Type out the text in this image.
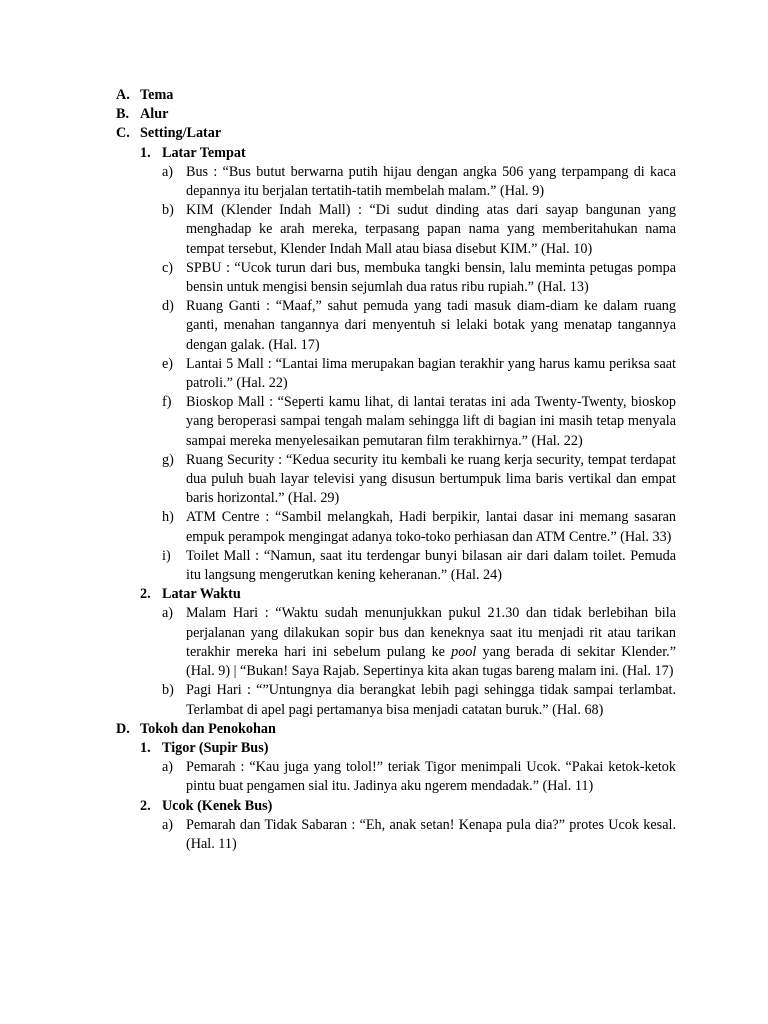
A. Tema
B. Alur
C. Setting/Latar
1. Latar Tempat
a) Bus : “Bus butut berwarna putih hijau dengan angka 506 yang terpampang di kaca depannya itu berjalan tertatih-tatih membelah malam.” (Hal. 9)
b) KIM (Klender Indah Mall) : “Di sudut dinding atas dari sayap bangunan yang menghadap ke arah mereka, terpasang papan nama yang memberitahukan nama tempat tersebut, Klender Indah Mall atau biasa disebut KIM.” (Hal. 10)
c) SPBU : “Ucok turun dari bus, membuka tangki bensin, lalu meminta petugas pompa bensin untuk mengisi bensin sejumlah dua ratus ribu rupiah.” (Hal. 13)
d) Ruang Ganti : “Maaf,” sahut pemuda yang tadi masuk diam-diam ke dalam ruang ganti, menahan tangannya dari menyentuh si lelaki botak yang menatap tangannya dengan galak. (Hal. 17)
e) Lantai 5 Mall : “Lantai lima merupakan bagian terakhir yang harus kamu periksa saat patroli.” (Hal. 22)
f)	Bioskop Mall : “Seperti kamu lihat, di lantai teratas ini ada Twenty-Twenty, bioskop yang beroperasi sampai tengah malam sehingga lift di bagian ini masih tetap menyala sampai mereka menyelesaikan pemutaran film terakhirnya.” (Hal. 22)
g) Ruang Security : “Kedua security itu kembali ke ruang kerja security, tempat terdapat dua puluh buah layar televisi yang disusun bertumpuk lima baris vertikal dan empat baris horizontal.” (Hal. 29)
h) ATM Centre : “Sambil melangkah, Hadi berpikir, lantai dasar ini memang sasaran empuk perampok mengingat adanya toko-toko perhiasan dan ATM Centre.” (Hal. 33)
i)	Toilet Mall : “Namun, saat itu terdengar bunyi bilasan air dari dalam toilet. Pemuda itu langsung mengerutkan kening keheranan.” (Hal. 24)
2. Latar Waktu
a) Malam Hari : “Waktu sudah menunjukkan pukul 21.30 dan tidak berlebihan bila perjalanan yang dilakukan sopir bus dan keneknya saat itu menjadi rit atau tarikan terakhir mereka hari ini sebelum pulang ke pool yang berada di sekitar Klender.” (Hal. 9) | “Bukan! Saya Rajab. Sepertinya kita akan tugas bareng malam ini. (Hal. 17)
b) Pagi Hari : “”Untungnya dia berangkat lebih pagi sehingga tidak sampai terlambat. Terlambat di apel pagi pertamanya bisa menjadi catatan buruk.” (Hal. 68)
D. Tokoh dan Penokohan
1. Tigor (Supir Bus)
a) Pemarah : “Kau juga yang tolol!” teriak Tigor menimpali Ucok. “Pakai ketok-ketok pintu buat pengamen sial itu. Jadinya aku ngerem mendadak.” (Hal. 11)
2. Ucok (Kenek Bus)
a) Pemarah dan Tidak Sabaran : “Eh, anak setan! Kenapa pula dia?” protes Ucok kesal. (Hal. 11)
